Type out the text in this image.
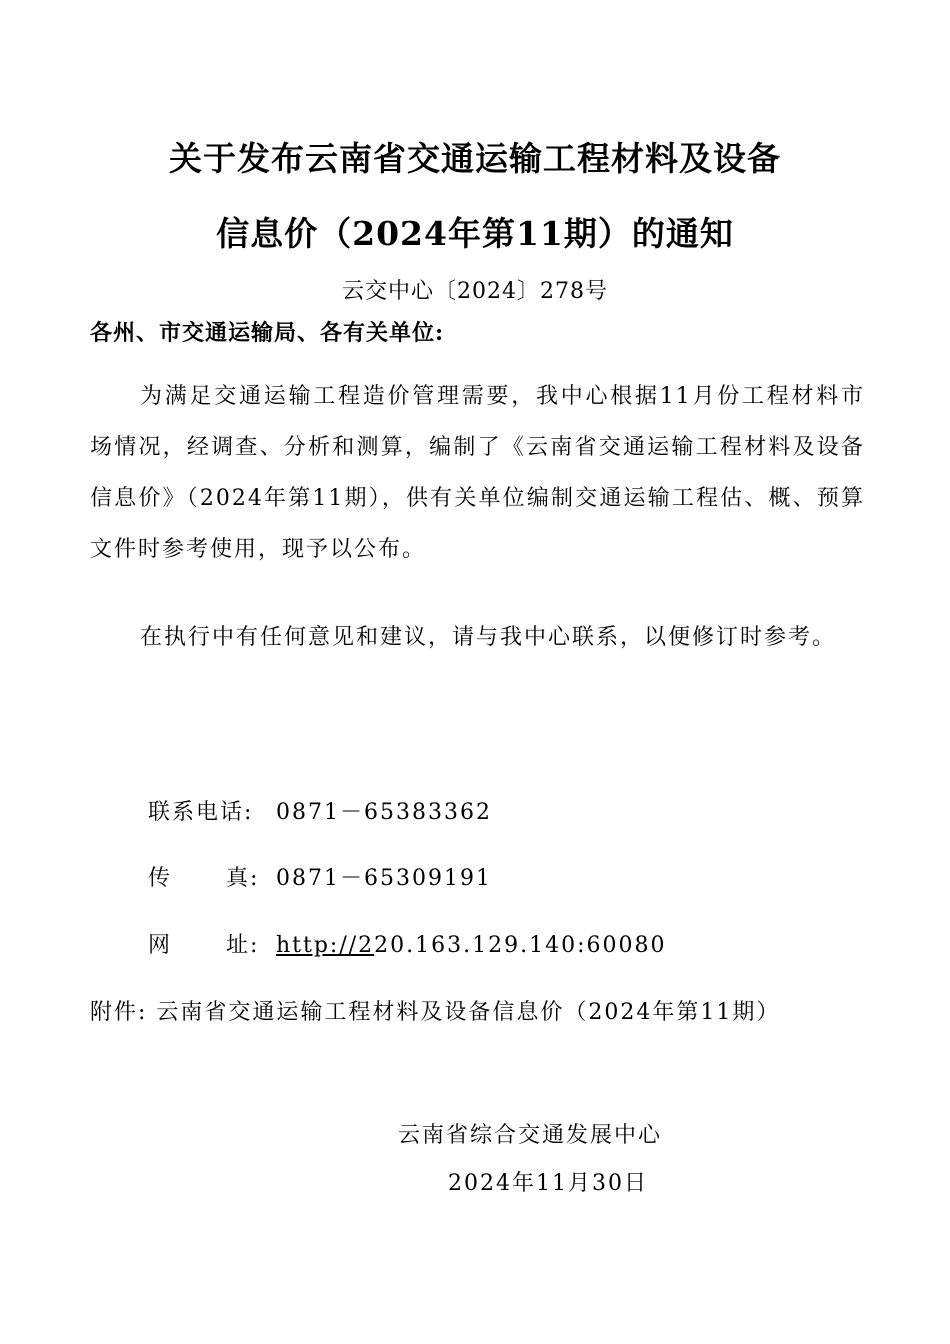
关于发布云南省交通运输工程材料及设备
信息价（2024年第11期）的通知
云交中心〔2024〕278号
各州、市交通运输局、各有关单位:

为满足交通运输工程造价管理需要，我中心根据11月份工程材料市场情况，经调查、分析和测算，编制了《云南省交通运输工程材料及设备信息价》（2024年第11期），供有关单位编制交通运输工程估、概、预算文件时参考使用，现予以公布。

在执行中有任何意见和建议，请与我中心联系，以便修订时参考。

联系电话: 0871－65383362
传 真: 0871－65309191
网 址: http://220.163.129.140:60080
附件: 云南省交通运输工程材料及设备信息价（2024年第11期）
云南省综合交通发展中心
2024年11月30日
